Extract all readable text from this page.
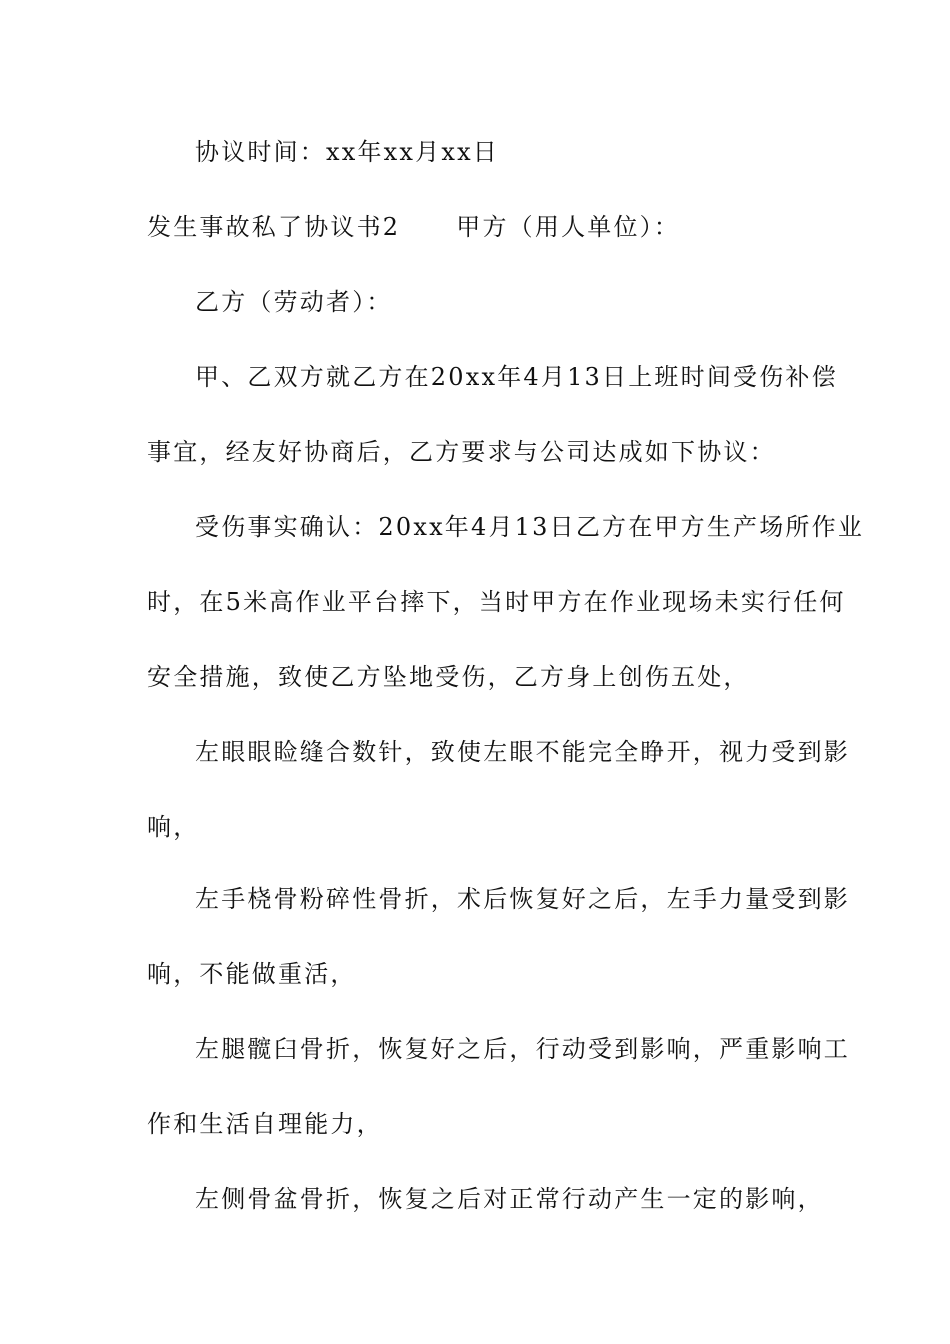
协议时间：xx年xx月xx日
发生事故私了协议书2 甲方（用人单位）：
乙方（劳动者）：
甲、乙双方就乙方在20xx年4月13日上班时间受伤补偿
事宜，经友好协商后，乙方要求与公司达成如下协议：
受伤事实确认：20xx年4月13日乙方在甲方生产场所作业
时，在5米高作业平台摔下，当时甲方在作业现场未实行任何
安全措施，致使乙方坠地受伤，乙方身上创伤五处，
左眼眼睑缝合数针，致使左眼不能完全睁开，视力受到影
响，
左手桡骨粉碎性骨折，术后恢复好之后，左手力量受到影
响，不能做重活，
左腿髋臼骨折，恢复好之后，行动受到影响，严重影响工
作和生活自理能力，
左侧骨盆骨折，恢复之后对正常行动产生一定的影响，
